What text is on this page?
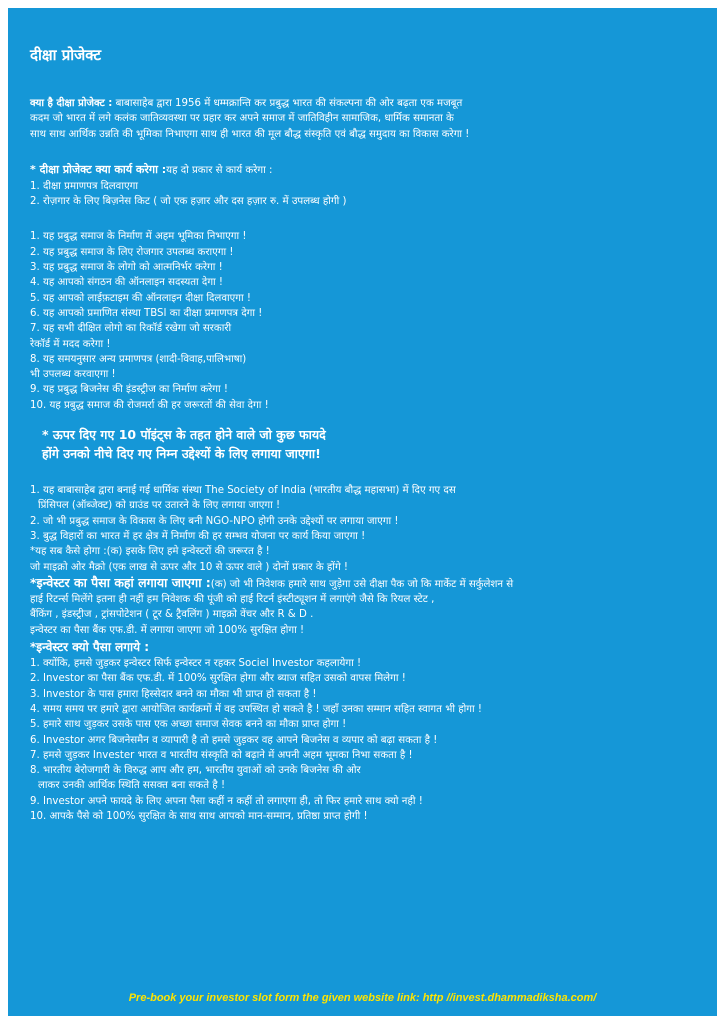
दीक्षा प्रोजेक्ट

क्या है दीक्षा प्रोजेक्ट : बाबासाहेब द्वारा 1956 में धम्मक्रान्ति कर प्रबुद्ध भारत की संकल्पना की ओर बढ़ता एक मजबूत

कदम जो भारत में लगे कलंक जातिव्यवस्था पर प्रहार कर अपने समाज में जातिविहीन सामाजिक, धार्मिक समानता के

साथ साथ आर्थिक उन्नति की भूमिका निभाएगा साथ ही भारत की मूल बौद्ध संस्कृति एवं बौद्ध समुदाय का विकास करेगा !

* दीक्षा प्रोजेक्ट क्या कार्य करेगा :यह दो प्रकार से कार्य करेगा :

1. दीक्षा प्रमाणपत्र दिलवाएगा

2. रोज़गार के लिए बिज़नेस किट ( जो एक हज़ार और दस हज़ार रु. में उपलब्ध होगी )

1. यह प्रबुद्ध समाज के निर्माण में अहम भूमिका निभाएगा !

2. यह प्रबुद्ध समाज के लिए रोजगार उपलब्ध कराएगा !

3. यह प्रबुद्ध समाज के लोगो को आत्मनिर्भर करेगा !

4. यह आपको संगठन की ऑनलाइन सदस्यता देगा !

5. यह आपको लाईफ़टाइम की ऑनलाइन दीक्षा दिलवाएगा !

6. यह आपको प्रमाणित संस्था TBSI का दीक्षा प्रमाणपत्र देगा !

7. यह सभी दीक्षित लोगो का रिकॉर्ड रखेगा जो सरकारी

रेकॉर्ड में मदद करेगा !

8. यह समयनुसार अन्य प्रमाणपत्र (शादी-विवाह,पालिभाषा)

भी उपलब्ध करवाएगा !

9. यह प्रबुद्ध बिजनेस की इंडस्ट्रीज का निर्माण करेगा !

10. यह प्रबुद्ध समाज की रोजमर्रा की हर जरूरतों की सेवा देगा !

* ऊपर दिए गए 10 पॉइंट्स के तहत होने वाले जो कुछ फायदे

होंगे उनको नीचे दिए गए निम्न उद्देश्यों के लिए लगाया जाएगा!

1. यह बाबासाहेब द्वारा बनाई गई धार्मिक संस्था The Society of India (भारतीय बौद्ध महासभा) में दिए गए दस

प्रिंसिपल (ऑब्जेक्ट) को ग्राउंड पर उतारने के लिए लगाया जाएगा !

2. जो भी प्रबुद्ध समाज के विकास के लिए बनी NGO-NPO होगी उनके उद्देश्यों पर लगाया जाएगा !

3. बुद्ध विहारों का भारत में हर क्षेत्र में निर्माण की हर सम्भव योजना पर कार्य किया जाएगा !

*यह सब कैसे होगा :(क) इसके लिए हमे इन्वेस्टरों की जरूरत है !

जो माइक्रो ओर मैक्रो (एक लाख से ऊपर और 10 से ऊपर वाले ) दोनों प्रकार के होंगे !

*इन्वेस्टर का पैसा कहां लगाया जाएगा :(क) जो भी निवेशक हमारे साथ जुड़ेगा उसे दीक्षा पैक जो कि मार्केट में सर्कुलेशन से

हाई रिटर्न्स मिलेंगे इतना ही नहीं हम निवेशक की पूंजी को हाई रिटर्न इंस्टीट्यूशन में लगाएंगे जैसे कि रियल स्टेट ,

बैंकिंग , इंडस्ट्रीज , ट्रांसपोटेशन ( टूर & ट्रैवलिंग ) माइक्रो वेंचर और R & D .

इन्वेस्टर का पैसा बैंक एफ.डी. में लगाया जाएगा जो 100% सुरक्षित होगा !

*इन्वेस्टर क्यो पैसा लगाये :

1. क्योंकि, हमसे जुड़कर इन्वेस्टर सिर्फ इन्वेस्टर न रहकर Sociel Investor कहलायेगा !

2. Investor का पैसा बैंक एफ.डी. में 100% सुरक्षित होगा और ब्याज सहित उसको वापस मिलेगा !

3. Investor के पास हमारा हिस्सेदार बनने का मौका भी प्राप्त हो सकता है !

4. समय समय पर हमारे द्वारा आयोजित कार्यक्रमों में वह उपस्थित हो सकते है ! जहाँ उनका सम्मान सहित स्वागत भी होगा !

5. हमारे साथ जुड़कर उसके पास एक अच्छा समाज सेवक बनने का मौका प्राप्त होगा !

6. Investor अगर बिजनेसमैन व व्यापारी है तो हमसे जुड़कर वह आपने बिजनेस व व्यपार को बढ़ा सकता है !

7. हमसे जुड़कर Invester भारत व भारतीय संस्कृति को बढ़ाने में अपनी अहम भूमका निभा सकता है !

8. भारतीय बेरोजगारी के विरुद्ध आप और हम, भारतीय युवाओं को उनके बिजनेस की ओर

लाकर उनकी आर्थिक स्थिति ससक्त बना सकते है !

9. Investor अपने फायदे के लिए अपना पैसा कहीं न कहीं तो लगाएगा ही, तो फिर हमारे साथ क्यो नही !

10. आपके पैसे को 100% सुरक्षित के साथ साथ आपको मान-सम्मान, प्रतिष्ठा प्राप्त होगी !

Pre-book your investor slot form the given website link: http //invest.dhammadiksha.com/
